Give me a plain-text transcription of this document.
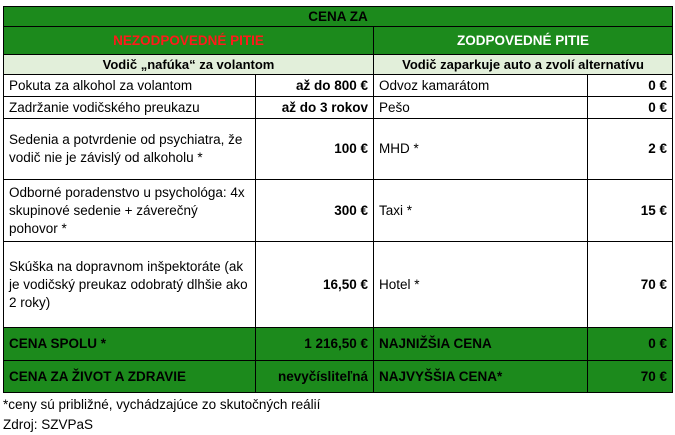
CENA ZA			
NEZODPOVEDNÉ PITIE		ZODPOVEDNÉ PITIE	
Vodič „nafúka“ za volantom		Vodič zaparkuje auto a zvolí alternatívu	
Pokuta za alkohol za volantom	až do 800 €	Odvoz kamarátom	0 €
Zadržanie vodičského preukazu	až do 3 rokov	Pešo	0 €
Sedenia a potvrdenie od psychiatra, že vodič nie je závislý od alkoholu *	100 €	MHD *	2 €
Odborné poradenstvo u psychológa: 4x skupinové sedenie + záverečný pohovor *	300 €	Taxi *	15 €
Skúška na dopravnom inšpektoráte (ak je vodičský preukaz odobratý dlhšie ako 2 roky)	16,50 €	Hotel *	70 €
CENA SPOLU *	1 216,50 €	NAJNIŽŠIA CENA	0 €
CENA ZA ŽIVOT A ZDRAVIE	nevyčísliteľná	NAJVYŠŠIA CENA*	70 €
*ceny sú približné, vychádzajúce zo skutočných reálií
Zdroj: SZVPaS
